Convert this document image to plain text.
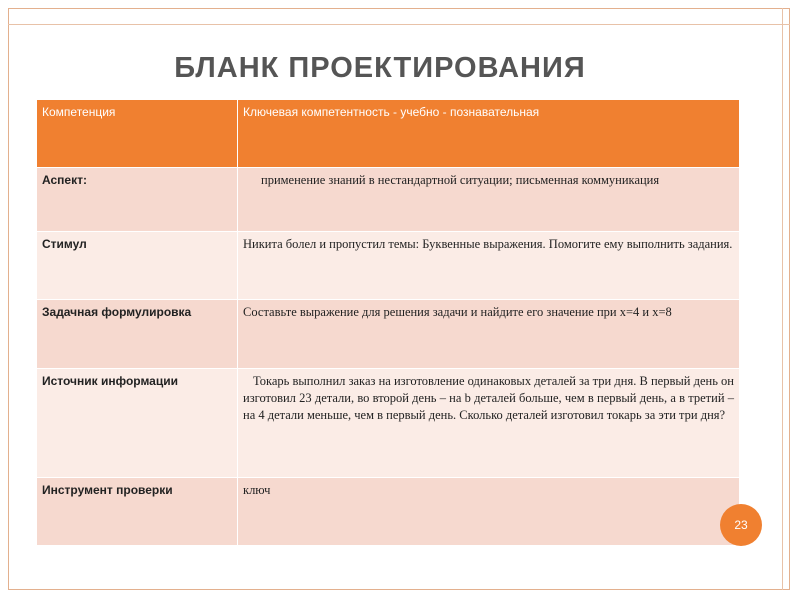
БЛАНК ПРОЕКТИРОВАНИЯ
Компетенция	Ключевая компетентность - учебно - познавательная
Аспект:	применение знаний в нестандартной ситуации; письменная коммуникация
Стимул	Никита болел и пропустил темы: Буквенные выражения. Помогите ему выполнить задания.
Задачная формулировка	Составьте выражение для решения задачи и найдите его значение при х=4 и х=8
Источник информации	Токарь выполнил заказ на изготовление одинаковых деталей за три дня. В первый день он изготовил 23 детали, во второй день – на b деталей больше, чем в первый день, а в третий – на 4 детали меньше, чем в первый день. Сколько деталей изготовил токарь за эти три дня?
Инструмент проверки	ключ
23
